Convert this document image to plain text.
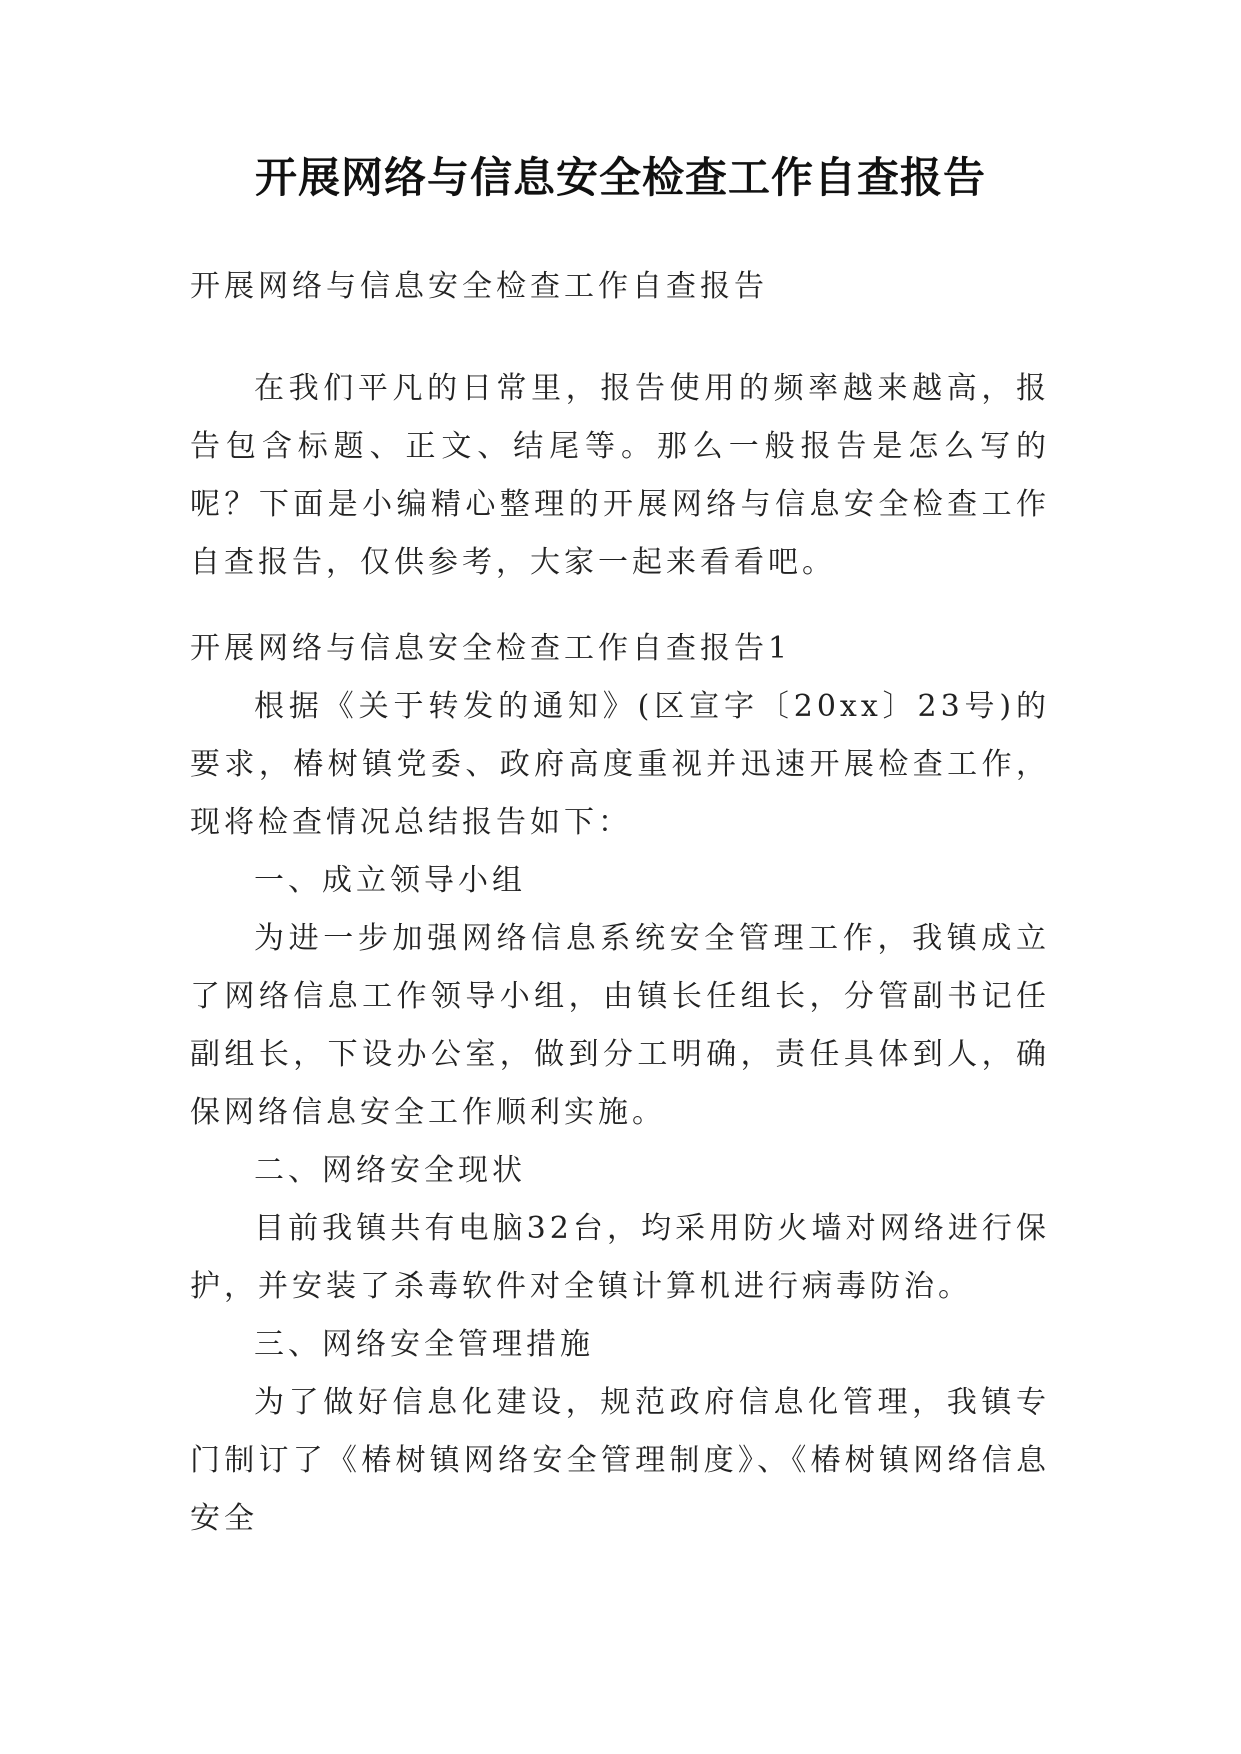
开展网络与信息安全检查工作自查报告
开展网络与信息安全检查工作自查报告
在我们平凡的日常里，报告使用的频率越来越高，报告包含标题、正文、结尾等。那么一般报告是怎么写的呢？下面是小编精心整理的开展网络与信息安全检查工作自查报告，仅供参考，大家一起来看看吧。
开展网络与信息安全检查工作自查报告1
根据《关于转发的通知》(区宣字〔20xx〕23号)的要求，椿树镇党委、政府高度重视并迅速开展检查工作，现将检查情况总结报告如下：
一、成立领导小组
为进一步加强网络信息系统安全管理工作，我镇成立了网络信息工作领导小组，由镇长任组长，分管副书记任副组长，下设办公室，做到分工明确，责任具体到人，确保网络信息安全工作顺利实施。
二、网络安全现状
目前我镇共有电脑32台，均采用防火墙对网络进行保护，并安装了杀毒软件对全镇计算机进行病毒防治。
三、网络安全管理措施
为了做好信息化建设，规范政府信息化管理，我镇专门制订了《椿树镇网络安全管理制度》、《椿树镇网络信息安全
